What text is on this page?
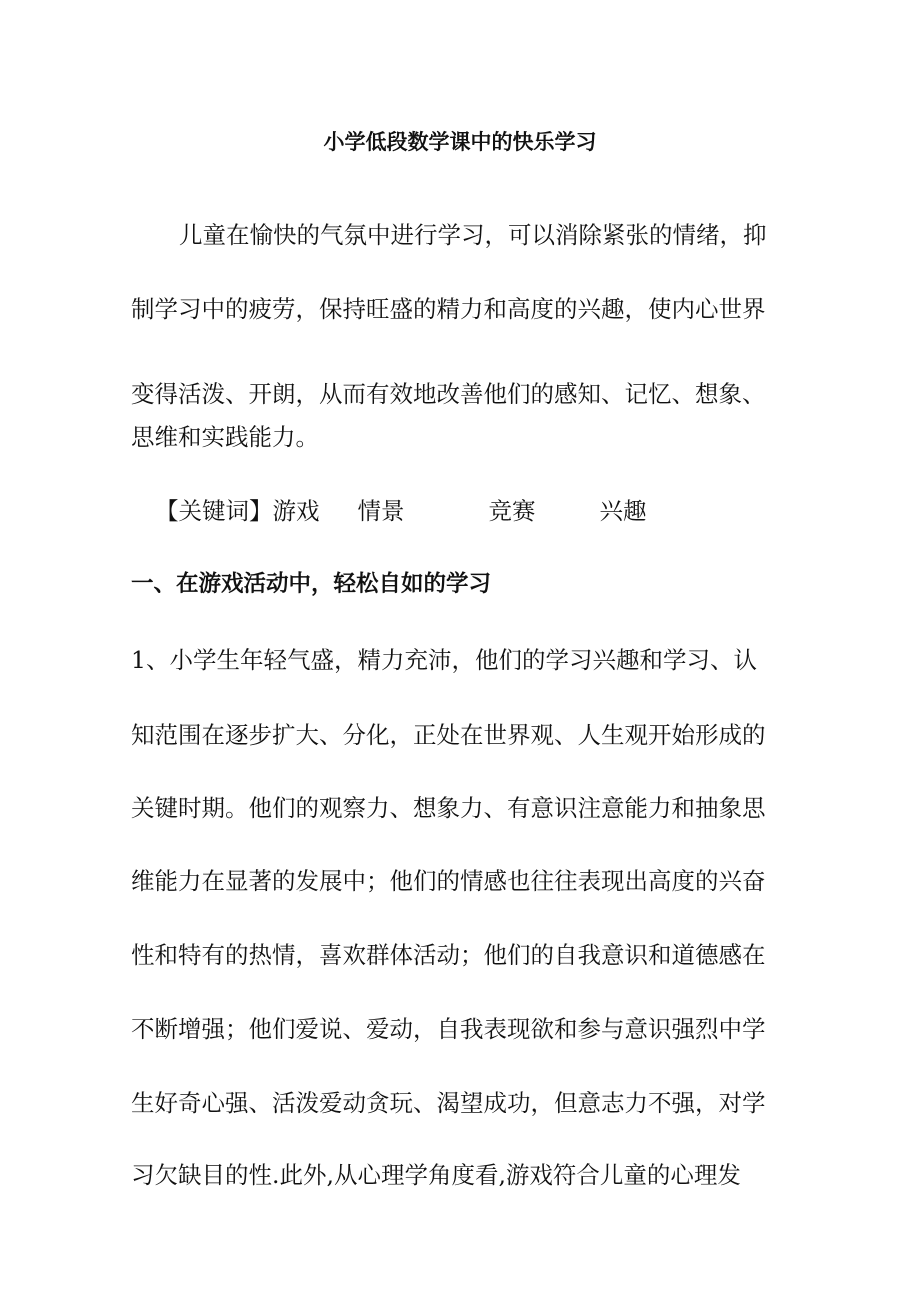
小学低段数学课中的快乐学习
儿童在愉快的气氛中进行学习，可以消除紧张的情绪，抑
制学习中的疲劳，保持旺盛的精力和高度的兴趣，使内心世界
变得活泼、开朗，从而有效地改善他们的感知、记忆、想象、
思维和实践能力。
【关键词】游戏 情景	竞赛	兴趣
一、在游戏活动中，轻松自如的学习
1、小学生年轻气盛，精力充沛，他们的学习兴趣和学习、认
知范围在逐步扩大、分化，正处在世界观、人生观开始形成的
关键时期。他们的观察力、想象力、有意识注意能力和抽象思
维能力在显著的发展中；他们的情感也往往表现出高度的兴奋
性和特有的热情，喜欢群体活动；他们的自我意识和道德感在
不断增强；他们爱说、爱动，自我表现欲和参与意识强烈中学
生好奇心强、活泼爱动贪玩、渴望成功，但意志力不强，对学
习欠缺目的性.此外,从心理学角度看,游戏符合儿童的心理发
